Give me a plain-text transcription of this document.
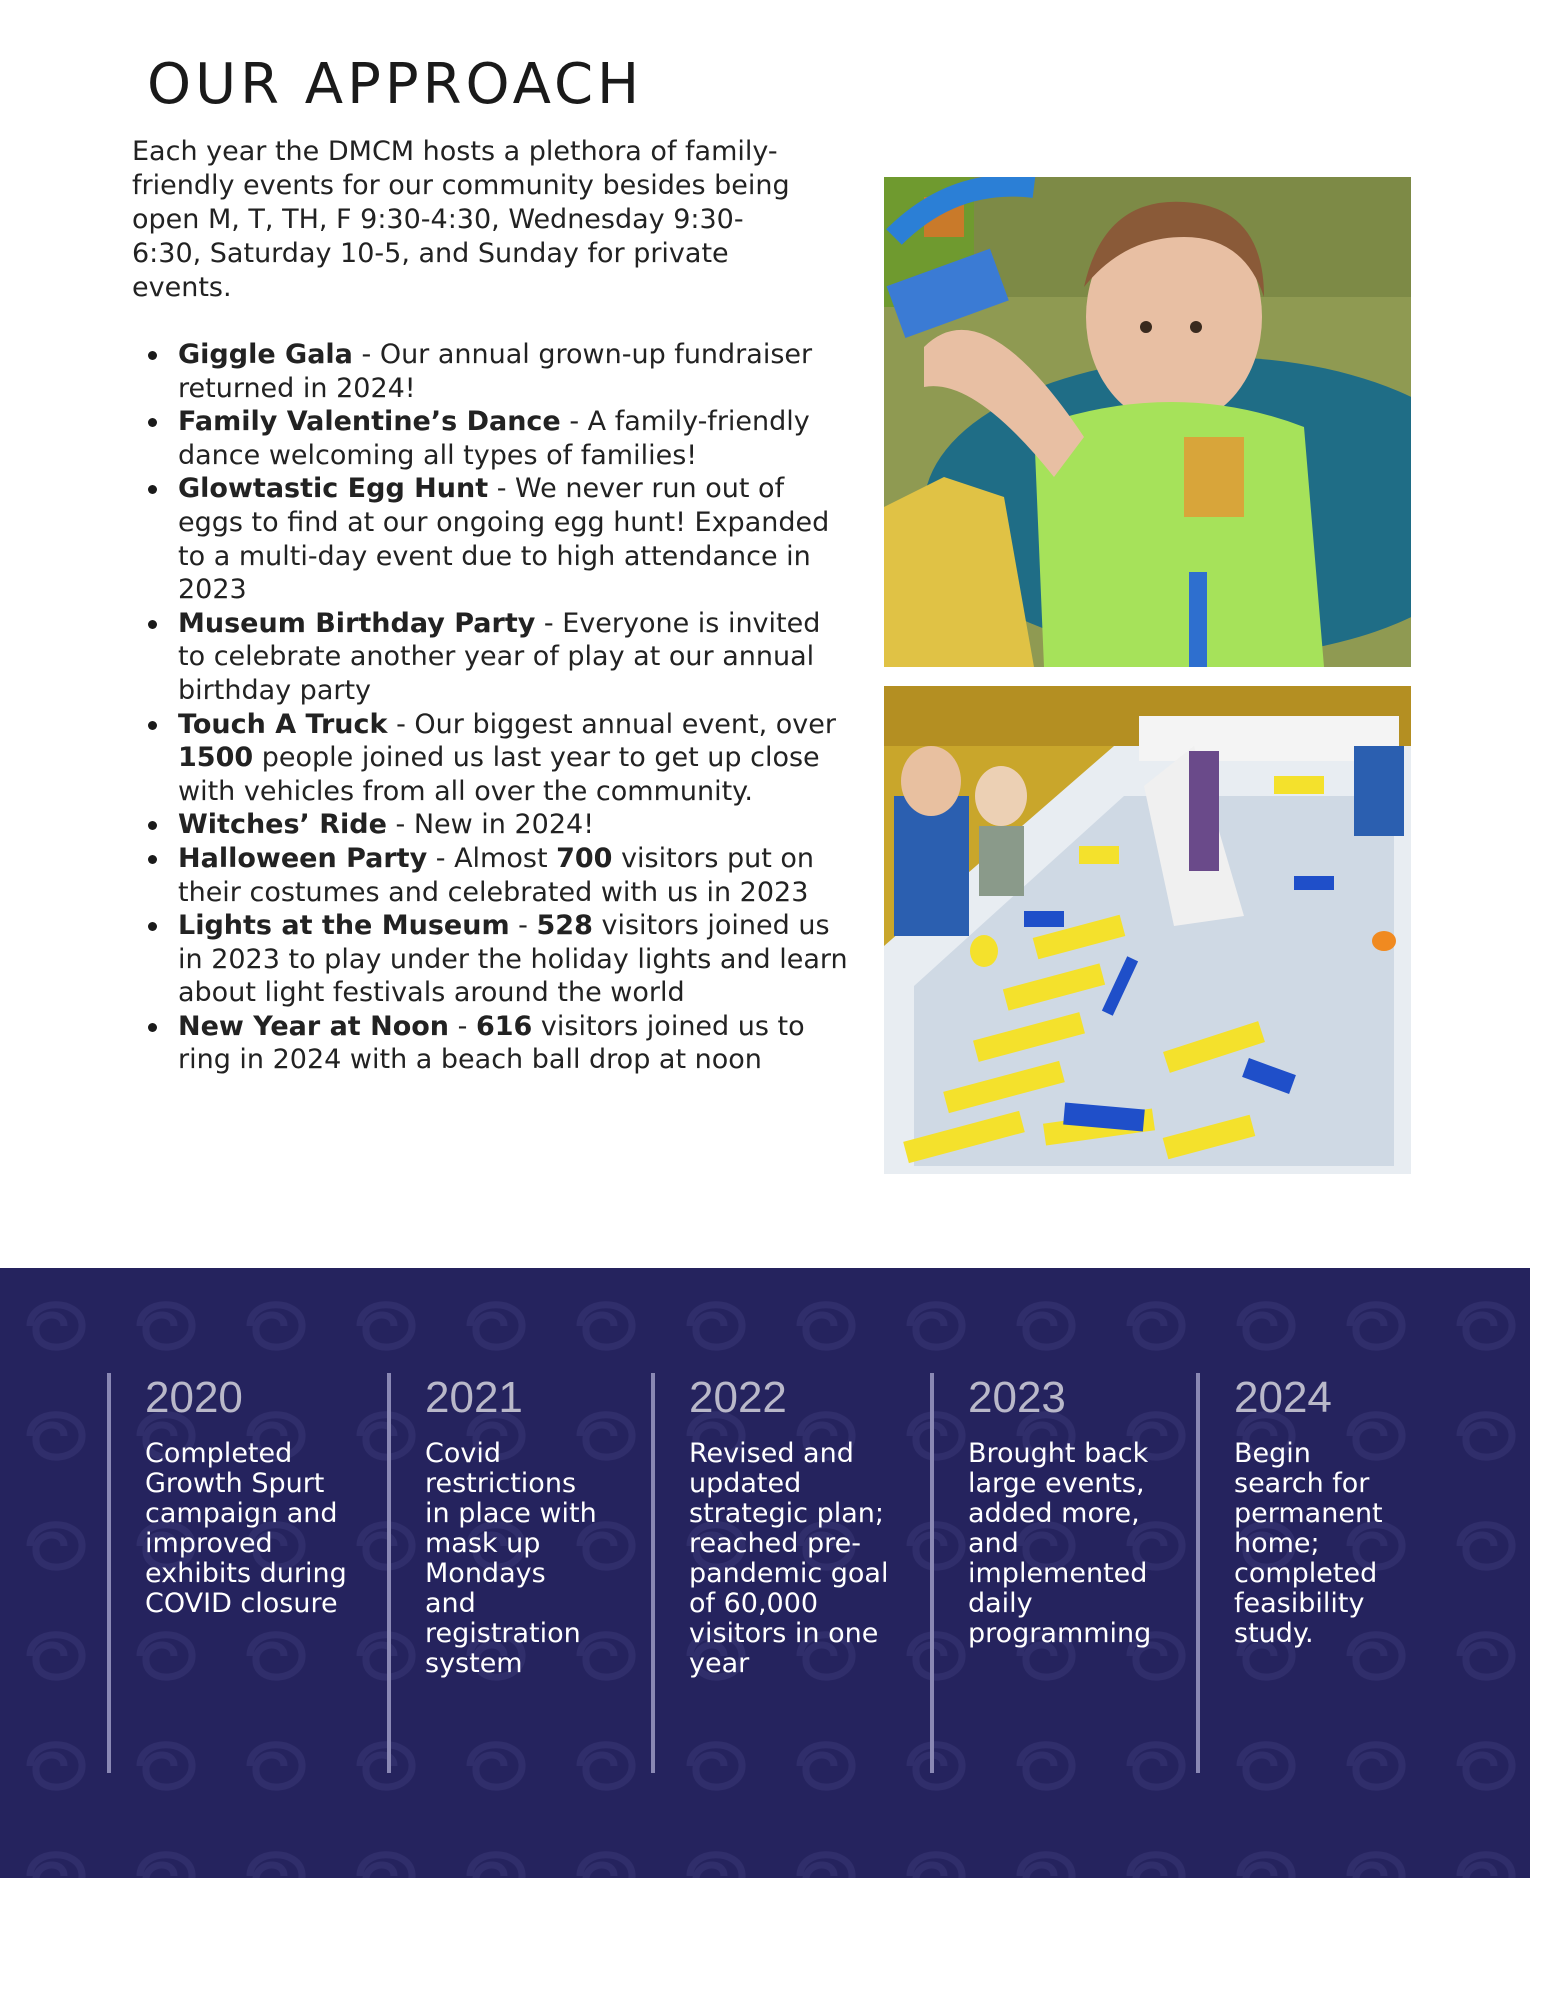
OUR APPROACH

Each year the DMCM hosts a plethora of family-friendly events for our community besides being open M, T, TH, F 9:30-4:30, Wednesday 9:30-6:30, Saturday 10-5, and Sunday for private events.

Giggle Gala - Our annual grown-up fundraiser returned in 2024!
Family Valentine’s Dance - A family-friendly dance welcoming all types of families!
Glowtastic Egg Hunt - We never run out of eggs to find at our ongoing egg hunt! Expanded to a multi-day event due to high attendance in 2023
Museum Birthday Party - Everyone is invited to celebrate another year of play at our annual birthday party
Touch A Truck - Our biggest annual event, over 1500 people joined us last year to get up close with vehicles from all over the community.
Witches’ Ride - New in 2024!
Halloween Party - Almost 700 visitors put on their costumes and celebrated with us in 2023
Lights at the Museum - 528 visitors joined us in 2023 to play under the holiday lights and learn about light festivals around the world
New Year at Noon - 616 visitors joined us to ring in 2024 with a beach ball drop at noon
2020
Completed Growth Spurt campaign and improved exhibits during COVID closure
2021
Covid restrictions in place with mask up Mondays and registration system
2022
Revised and updated strategic plan; reached pre-pandemic goal of 60,000 visitors in one year
2023
Brought back large events, added more, and implemented daily programming
2024
Begin search for permanent home; completed feasibility study.
